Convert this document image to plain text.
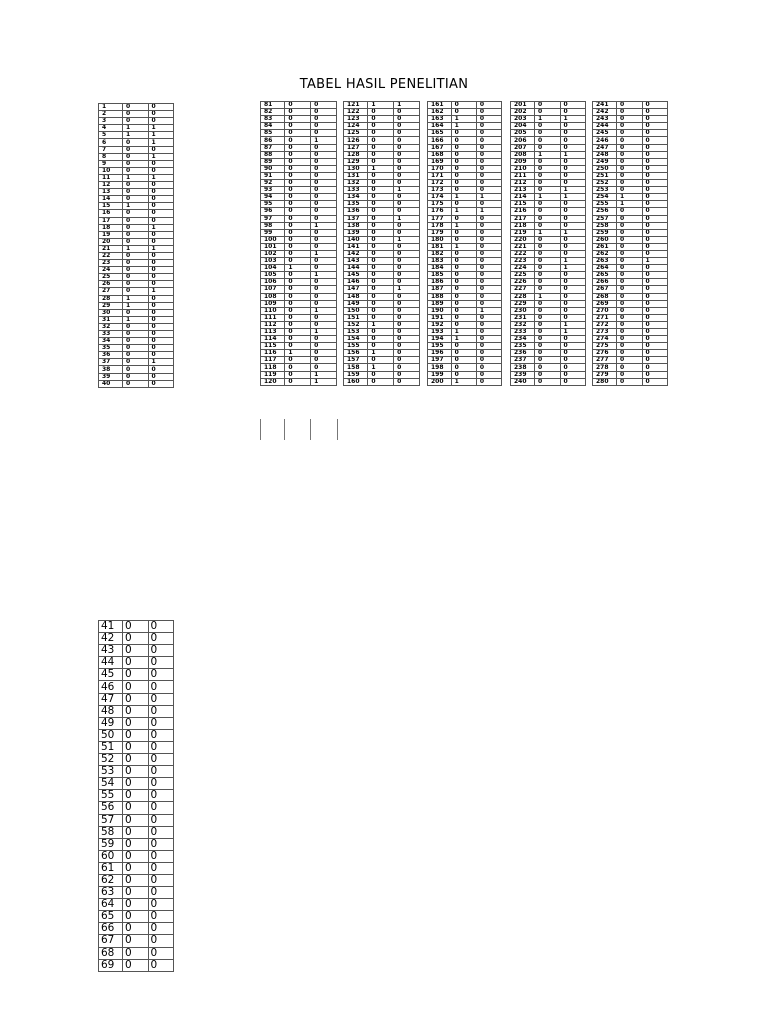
TABEL HASIL PENELITIAN
1	0	0
2	0	0
3	0	0
4	1	1
5	1	1
6	0	1
7	0	0
8	0	1
9	0	0
10	0	0
11	1	1
12	0	0
13	0	0
14	0	0
15	1	0
16	0	0
17	0	0
18	0	1
19	0	0
20	0	0
21	1	1
22	0	0
23	0	0
24	0	0
25	0	0
26	0	0
27	0	1
28	1	0
29	1	0
30	0	0
31	1	0
32	0	0
33	0	0
34	0	0
35	0	0
36	0	0
37	0	1
38	0	0
39	0	0
40	0	0
81	0	0
82	0	0
83	0	0
84	0	0
85	0	0
86	0	1
87	0	0
88	0	0
89	0	0
90	0	0
91	0	0
92	0	0
93	0	0
94	0	0
95	0	0
96	0	0
97	0	0
98	0	1
99	0	0
100	0	0
101	0	0
102	0	1
103	0	0
104	1	0
105	0	1
106	0	0
107	0	0
108	0	0
109	0	0
110	0	1
111	0	0
112	0	0
113	0	1
114	0	0
115	0	0
116	1	0
117	0	0
118	0	0
119	0	1
120	0	1
121	1	1
122	0	0
123	0	0
124	0	0
125	0	0
126	0	0
127	0	0
128	0	0
129	0	0
130	1	0
131	0	0
132	0	0
133	0	1
134	0	0
135	0	0
136	0	0
137	0	1
138	0	0
139	0	0
140	0	1
141	0	0
142	0	0
143	0	0
144	0	0
145	0	0
146	0	0
147	0	1
148	0	0
149	0	0
150	0	0
151	0	0
152	1	0
153	0	0
154	0	0
155	0	0
156	1	0
157	0	0
158	1	0
159	0	0
160	0	0
161	0	0
162	0	0
163	1	0
164	1	0
165	0	0
166	0	0
167	0	0
168	0	0
169	0	0
170	0	0
171	0	0
172	0	0
173	0	0
174	1	1
175	0	0
176	1	1
177	0	0
178	1	0
179	0	0
180	0	0
181	1	0
182	0	0
183	0	0
184	0	0
185	0	0
186	0	0
187	0	0
188	0	0
189	0	0
190	0	1
191	0	0
192	0	0
193	1	0
194	1	0
195	0	0
196	0	0
197	0	0
198	0	0
199	0	0
200	1	0
201	0	0
202	0	0
203	1	1
204	0	0
205	0	0
206	0	0
207	0	0
208	1	1
209	0	0
210	0	0
211	0	0
212	0	0
213	0	1
214	1	1
215	0	0
216	0	0
217	0	0
218	0	0
219	1	1
220	0	0
221	0	0
222	0	0
223	0	1
224	0	1
225	0	0
226	0	0
227	0	0
228	1	0
229	0	0
230	0	0
231	0	0
232	0	1
233	0	1
234	0	0
235	0	0
236	0	0
237	0	0
238	0	0
239	0	0
240	0	0
241	0	0
242	0	0
243	0	0
244	0	0
245	0	0
246	0	0
247	0	0
248	0	0
249	0	0
250	0	0
251	0	0
252	0	0
253	0	0
254	1	0
255	1	0
256	0	0
257	0	0
258	0	0
259	0	0
260	0	0
261	0	0
262	0	0
263	0	1
264	0	0
265	0	0
266	0	0
267	0	0
268	0	0
269	0	0
270	0	0
271	0	0
272	0	0
273	0	0
274	0	0
275	0	0
276	0	0
277	0	0
278	0	0
279	0	0
280	0	0
41	0	0
42	0	0
43	0	0
44	0	0
45	0	0
46	0	0
47	0	0
48	0	0
49	0	0
50	0	0
51	0	0
52	0	0
53	0	0
54	0	0
55	0	0
56	0	0
57	0	0
58	0	0
59	0	0
60	0	0
61	0	0
62	0	0
63	0	0
64	0	0
65	0	0
66	0	0
67	0	0
68	0	0
69	0	0
